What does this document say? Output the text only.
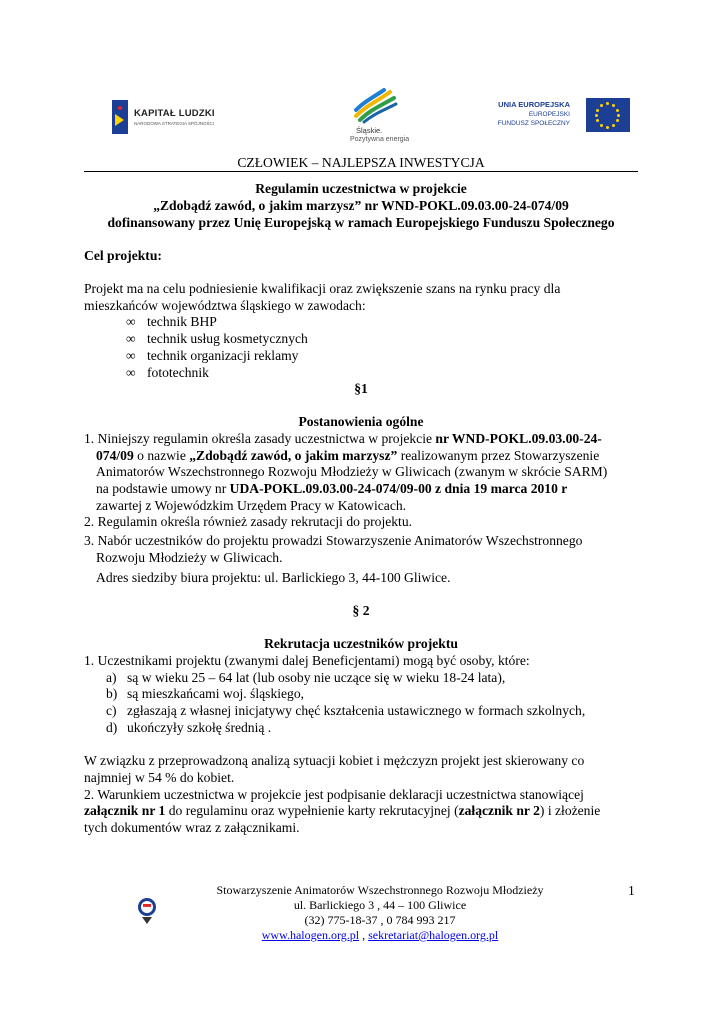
KAPITAŁ LUDZKI
NARODOWA STRATEGIA SPÓJNOŚCI
Śląskie.
Pozytywna energia
UNIA EUROPEJSKA
EUROPEJSKI
FUNDUSZ SPOŁECZNY
CZŁOWIEK – NAJLEPSZA INWESTYCJA
Regulamin uczestnictwa w projekcie
„Zdobądź zawód, o jakim marzysz” nr WND-POKL.09.03.00-24-074/09
dofinansowany przez Unię Europejską w ramach Europejskiego Funduszu Społecznego
Cel projektu:
Projekt ma na celu podniesienie kwalifikacji oraz zwiększenie szans na rynku pracy dla
mieszkańców województwa śląskiego w zawodach:
∞ technik BHP
∞ technik usług kosmetycznych
∞ technik organizacji reklamy
∞ fototechnik
§1
Postanowienia ogólne
1. Niniejszy regulamin określa zasady uczestnictwa w projekcie nr WND-POKL.09.03.00-24-
074/09 o nazwie „Zdobądź zawód, o jakim marzysz” realizowanym przez Stowarzyszenie
Animatorów Wszechstronnego Rozwoju Młodzieży w Gliwicach (zwanym w skrócie SARM)
na podstawie umowy nr UDA-POKL.09.03.00-24-074/09-00 z dnia 19 marca 2010 r
zawartej z Wojewódzkim Urzędem Pracy w Katowicach.
2. Regulamin określa również zasady rekrutacji do projektu.
3. Nabór uczestników do projektu prowadzi Stowarzyszenie Animatorów Wszechstronnego
Rozwoju Młodzieży w Gliwicach.
Adres siedziby biura projektu: ul. Barlickiego 3, 44-100 Gliwice.
§ 2
Rekrutacja uczestników projektu
1. Uczestnikami projektu (zwanymi dalej Beneficjentami) mogą być osoby, które:
a) są w wieku 25 – 64 lat (lub osoby nie uczące się w wieku 18-24 lata),
b) są mieszkańcami woj. śląskiego,
c) zgłaszają z własnej inicjatywy chęć kształcenia ustawicznego w formach szkolnych,
d) ukończyły szkołę średnią .
W związku z przeprowadzoną analizą sytuacji kobiet i mężczyzn projekt jest skierowany co
najmniej w 54 % do kobiet.
2. Warunkiem uczestnictwa w projekcie jest podpisanie deklaracji uczestnictwa stanowiącej
załącznik nr 1 do regulaminu oraz wypełnienie karty rekrutacyjnej (załącznik nr 2) i złożenie
tych dokumentów wraz z załącznikami.
Stowarzyszenie Animatorów Wszechstronnego Rozwoju Młodzieży
ul. Barlickiego 3 , 44 – 100 Gliwice
(32) 775-18-37 , 0 784 993 217
www.halogen.org.pl , sekretariat@halogen.org.pl
1
